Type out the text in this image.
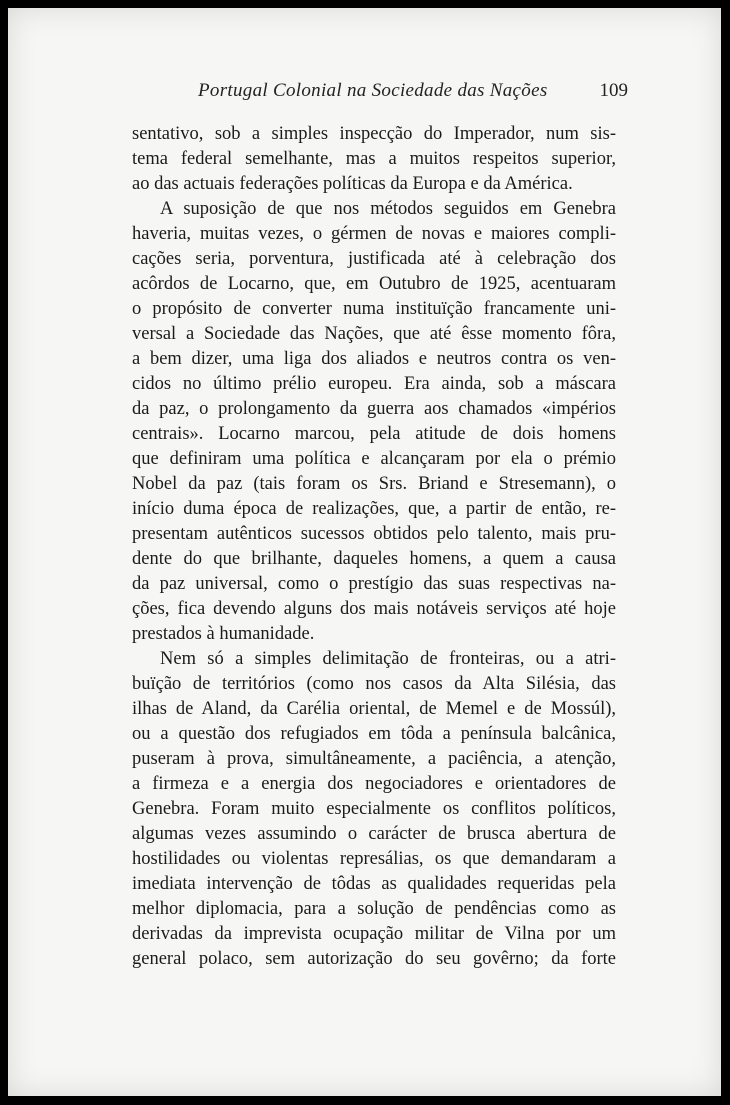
Portugal Colonial na Sociedade das Nações	109
sentativo, sob a simples inspecção do Imperador, num sis-
tema federal semelhante, mas a muitos respeitos superior,
ao das actuais federações políticas da Europa e da América.
A suposição de que nos métodos seguidos em Genebra
haveria, muitas vezes, o gérmen de novas e maiores compli-
cações seria, porventura, justificada até à celebração dos
acôrdos de Locarno, que, em Outubro de 1925, acentuaram
o propósito de converter numa instituïção francamente uni-
versal a Sociedade das Nações, que até êsse momento fôra,
a bem dizer, uma liga dos aliados e neutros contra os ven-
cidos no último prélio europeu. Era ainda, sob a máscara
da paz, o prolongamento da guerra aos chamados «impérios
centrais». Locarno marcou, pela atitude de dois homens
que definiram uma política e alcançaram por ela o prémio
Nobel da paz (tais foram os Srs. Briand e Stresemann), o
início duma época de realizações, que, a partir de então, re-
presentam autênticos sucessos obtidos pelo talento, mais pru-
dente do que brilhante, daqueles homens, a quem a causa
da paz universal, como o prestígio das suas respectivas na-
ções, fica devendo alguns dos mais notáveis serviços até hoje
prestados à humanidade.
Nem só a simples delimitação de fronteiras, ou a atri-
buïção de territórios (como nos casos da Alta Silésia, das
ilhas de Aland, da Carélia oriental, de Memel e de Mossúl),
ou a questão dos refugiados em tôda a península balcânica,
puseram à prova, simultâneamente, a paciência, a atenção,
a firmeza e a energia dos negociadores e orientadores de
Genebra. Foram muito especialmente os conflitos políticos,
algumas vezes assumindo o carácter de brusca abertura de
hostilidades ou violentas represálias, os que demandaram a
imediata intervenção de tôdas as qualidades requeridas pela
melhor diplomacia, para a solução de pendências como as
derivadas da imprevista ocupação militar de Vilna por um
general polaco, sem autorização do seu govêrno; da forte
